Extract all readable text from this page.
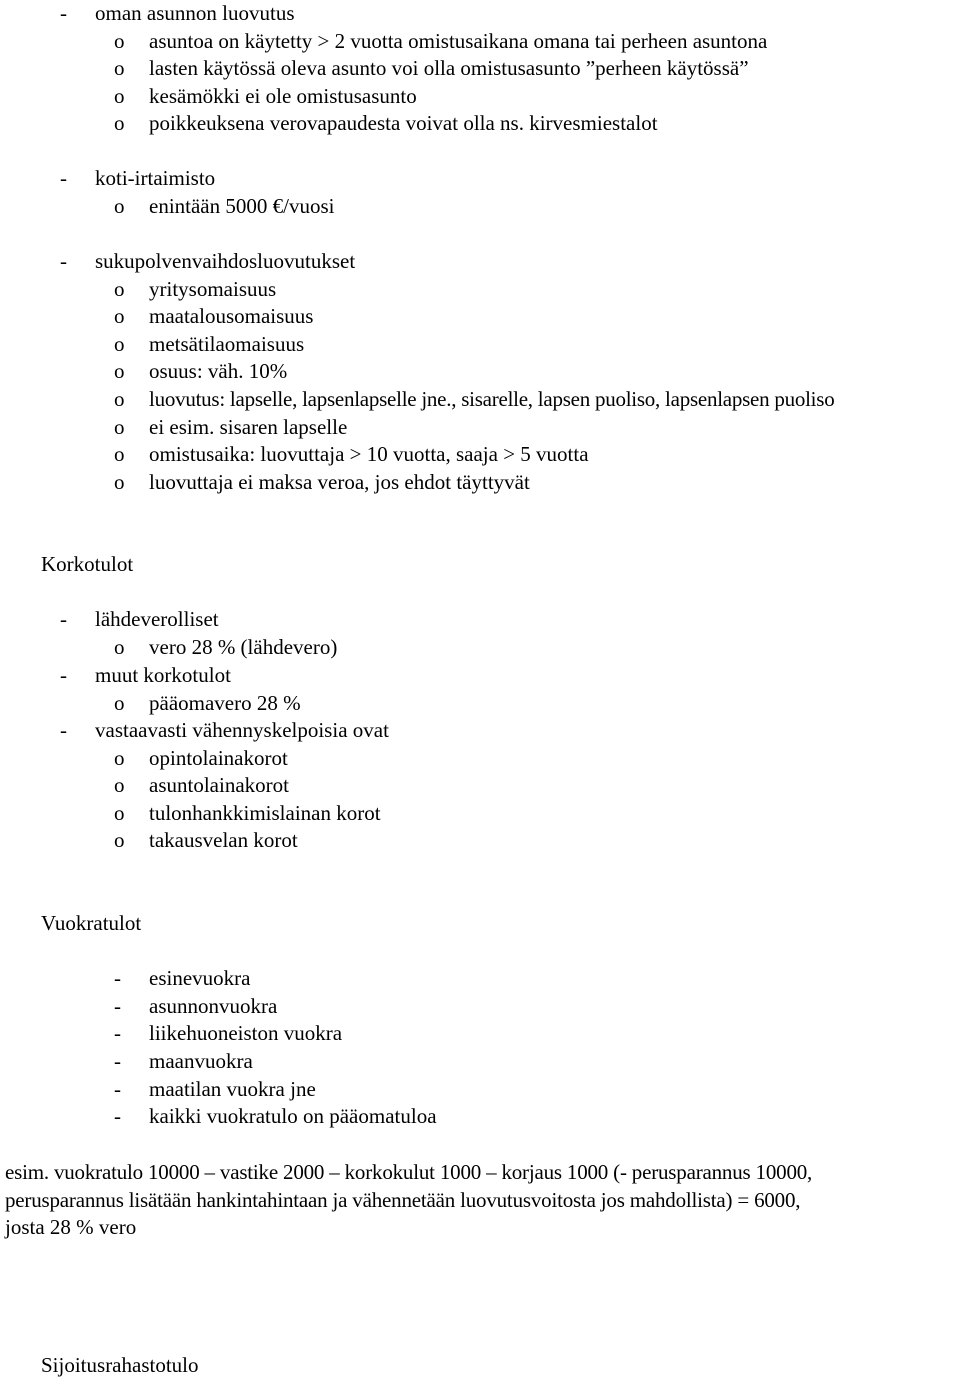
- oman asunnon luovutus
o asuntoa on käytetty > 2 vuotta omistusaikana omana tai perheen asuntona
o lasten käytössä oleva asunto voi olla omistusasunto ”perheen käytössä”
o kesämökki ei ole omistusasunto
o poikkeuksena verovapaudesta voivat olla ns. kirvesmiestalot
- koti-irtaimisto
o enintään 5000 €/vuosi
- sukupolvenvaihdosluovutukset
o yritysomaisuus
o maatalousomaisuus
o metsätilaomaisuus
o osuus: väh. 10%
o luovutus: lapselle, lapsenlapselle jne., sisarelle, lapsen puoliso, lapsenlapsen puoliso
o ei esim. sisaren lapselle
o omistusaika: luovuttaja > 10 vuotta, saaja > 5 vuotta
o luovuttaja ei maksa veroa, jos ehdot täyttyvät
Korkotulot
- lähdeverolliset
o vero 28 % (lähdevero)
- muut korkotulot
o pääomavero 28 %
- vastaavasti vähennyskelpoisia ovat
o opintolainakorot
o asuntolainakorot
o tulonhankkimislainan korot
o takausvelan korot
Vuokratulot
- esinevuokra
- asunnonvuokra
- liikehuoneiston vuokra
- maanvuokra
- maatilan vuokra jne
- kaikki vuokratulo on pääomatuloa
esim. vuokratulo 10000 – vastike 2000 – korkokulut 1000 – korjaus 1000 (- perusparannus 10000,
perusparannus lisätään hankintahintaan ja vähennetään luovutusvoitosta jos mahdollista) = 6000,
josta 28 % vero
Sijoitusrahastotulo
